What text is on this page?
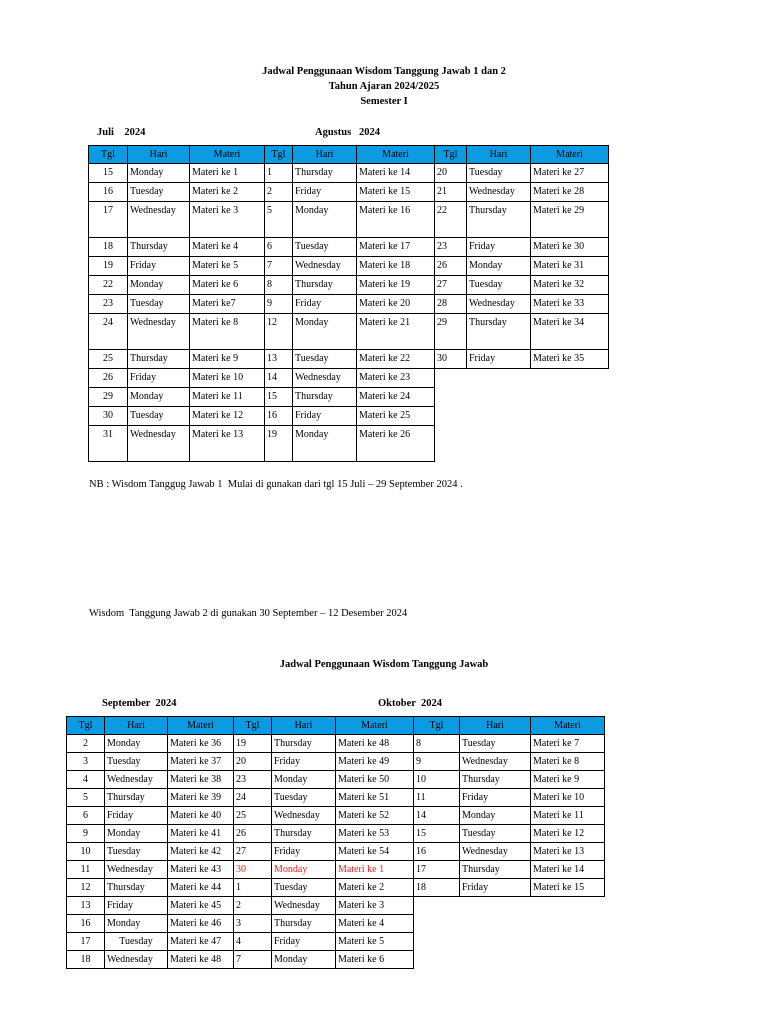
Jadwal Penggunaan Wisdom Tanggung Jawab 1 dan 2
Tahun Ajaran 2024/2025
Semester I
Juli    2024	Agustus   2024
Tgl	Hari	Materi	Tgl	Hari	Materi	Tgl	Hari	Materi
15	Monday	Materi ke 1	1	Thursday	Materi ke 14	20	Tuesday	Materi ke 27
16	Tuesday	Materi ke 2	2	Friday	Materi ke 15	21	Wednesday	Materi ke 28
17	Wednesday	Materi ke 3	5	Monday	Materi ke 16	22	Thursday	Materi ke 29
18	Thursday	Materi ke 4	6	Tuesday	Materi ke 17	23	Friday	Materi ke 30
19	Friday	Materi ke 5	7	Wednesday	Materi ke 18	26	Monday	Materi ke 31
22	Monday	Materi ke 6	8	Thursday	Materi ke 19	27	Tuesday	Materi ke 32
23	Tuesday	Materi ke7	9	Friday	Materi ke 20	28	Wednesday	Materi ke 33
24	Wednesday	Materi ke 8	12	Monday	Materi ke 21	29	Thursday	Materi ke 34
25	Thursday	Materi ke 9	13	Tuesday	Materi ke 22	30	Friday	Materi ke 35
26	Friday	Materi ke 10	14	Wednesday	Materi ke 23			
29	Monday	Materi ke 11	15	Thursday	Materi ke 24			
30	Tuesday	Materi ke 12	16	Friday	Materi ke 25			
31	Wednesday	Materi ke 13	19	Monday	Materi ke 26			
NB : Wisdom Tanggug Jawab 1  Mulai di gunakan dari tgl 15 Juli – 29 September 2024 .
Wisdom  Tanggung Jawab 2 di gunakan 30 September – 12 Desember 2024
Jadwal Penggunaan Wisdom Tanggung Jawab
September  2024	Oktober  2024
Tgl	Hari	Materi	Tgl	Hari	Materi	Tgl	Hari	Materi
2	Monday	Materi ke 36	19	Thursday	Materi ke 48	8	Tuesday	Materi ke 7
3	Tuesday	Materi ke 37	20	Friday	Materi ke 49	9	Wednesday	Materi ke 8
4	Wednesday	Materi ke 38	23	Monday	Materi ke 50	10	Thursday	Materi ke 9
5	Thursday	Materi ke 39	24	Tuesday	Materi ke 51	11	Friday	Materi ke 10
6	Friday	Materi ke 40	25	Wednesday	Materi ke 52	14	Monday	Materi ke 11
9	Monday	Materi ke 41	26	Thursday	Materi ke 53	15	Tuesday	Materi ke 12
10	Tuesday	Materi ke 42	27	Friday	Materi ke 54	16	Wednesday	Materi ke 13
11	Wednesday	Materi ke 43	30	Monday	Materi ke 1	17	Thursday	Materi ke 14
12	Thursday	Materi ke 44	1	Tuesday	Materi ke 2	18	Friday	Materi ke 15
13	Friday	Materi ke 45	2	Wednesday	Materi ke 3			
16	Monday	Materi ke 46	3	Thursday	Materi ke 4			
17	Tuesday	Materi ke 47	4	Friday	Materi ke 5			
18	Wednesday	Materi ke 48	7	Monday	Materi ke 6			
